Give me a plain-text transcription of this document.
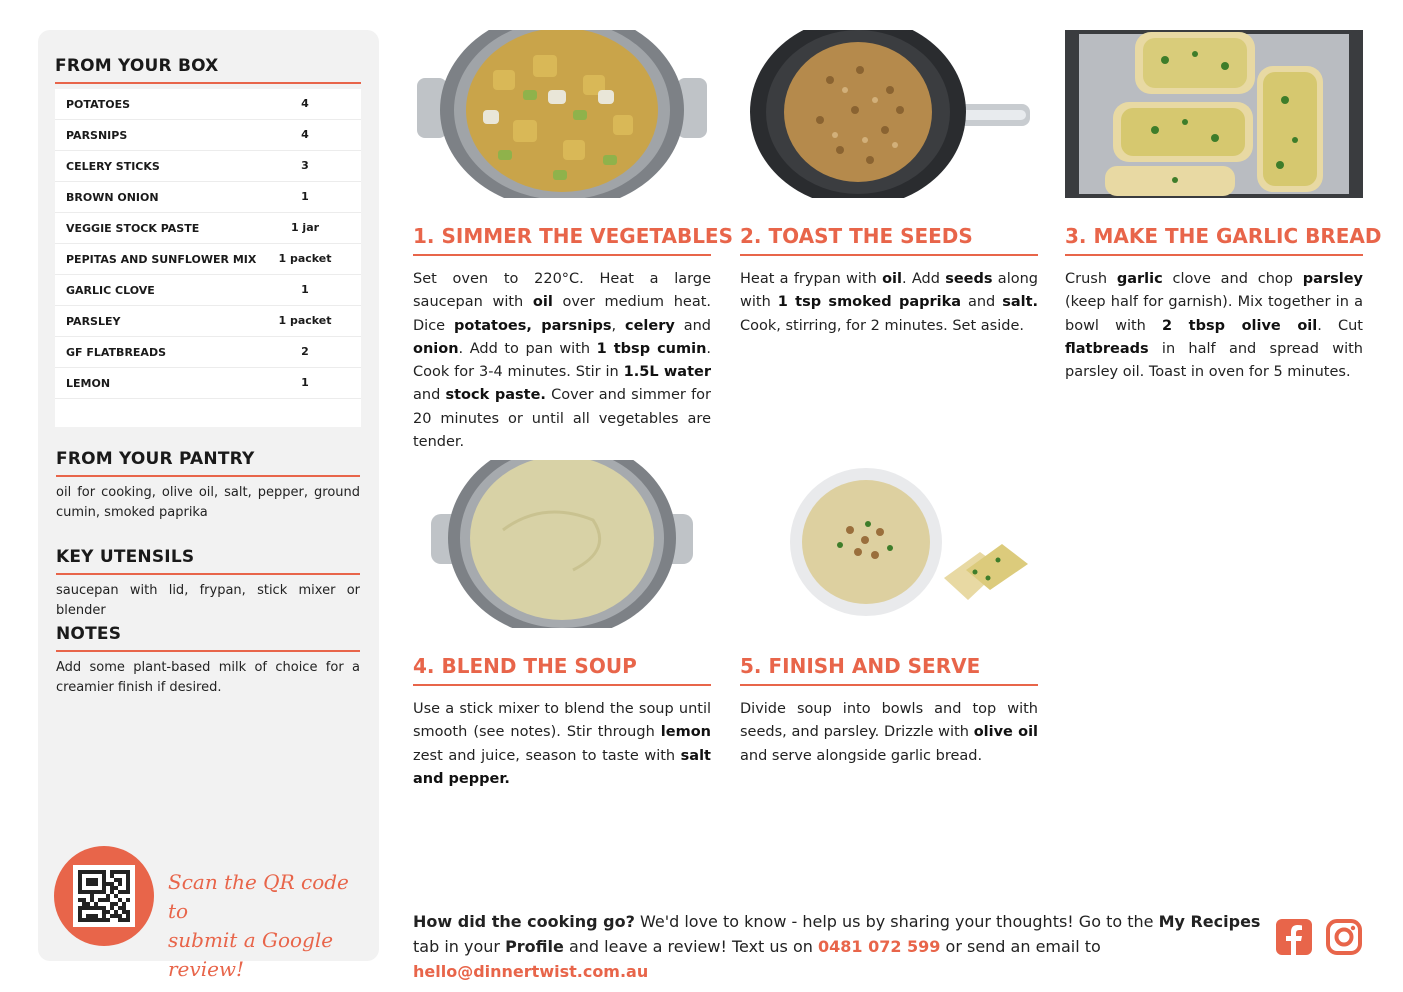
FROM YOUR BOX
POTATOES	4
PARSNIPS	4
CELERY STICKS	3
BROWN ONION	1
VEGGIE STOCK PASTE	1 jar
PEPITAS AND SUNFLOWER MIX	1 packet
GARLIC CLOVE	1
PARSLEY	1 packet
GF FLATBREADS	2
LEMON	1
FROM YOUR PANTRY
oil for cooking, olive oil, salt, pepper, ground cumin, smoked paprika
KEY UTENSILS
saucepan with lid, frypan, stick mixer or blender
NOTES
Add some plant-based milk of choice for a creamier finish if desired.
Scan the QR code to
submit a Google review!
1. SIMMER THE VEGETABLES
Set oven to 220°C. Heat a large saucepan with oil over medium heat. Dice potatoes, parsnips, celery and onion. Add to pan with 1 tbsp cumin. Cook for 3-4 minutes. Stir in 1.5L water and stock paste. Cover and simmer for 20 minutes or until all vegetables are tender.
2. TOAST THE SEEDS
Heat a frypan with oil. Add seeds along with 1 tsp smoked paprika and salt. Cook, stirring, for 2 minutes. Set aside.
3. MAKE THE GARLIC BREAD
Crush garlic clove and chop parsley (keep half for garnish). Mix together in a bowl with 2 tbsp olive oil. Cut flatbreads in half and spread with parsley oil. Toast in oven for 5 minutes.
4. BLEND THE SOUP
Use a stick mixer to blend the soup until smooth (see notes). Stir through lemon zest and juice, season to taste with salt and pepper.
5. FINISH AND SERVE
Divide soup into bowls and top with seeds, and parsley. Drizzle with olive oil and serve alongside garlic bread.
How did the cooking go? We'd love to know - help us by sharing your thoughts! Go to the My Recipes tab in your Profile and leave a review! Text us on 0481 072 599 or send an email to hello@dinnertwist.com.au
